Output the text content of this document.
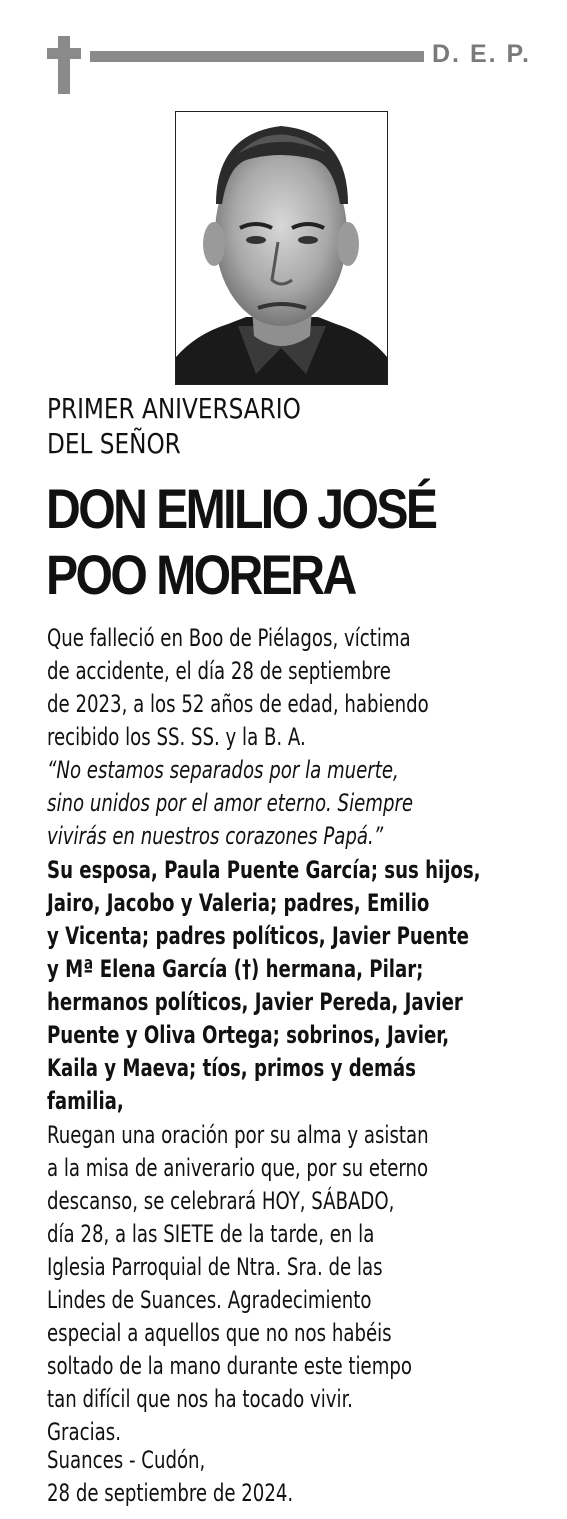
D. E. P.
PRIMER ANIVERSARIO
DEL SEÑOR
DON EMILIO JOSÉ
POO MORERA
Que falleció en Boo de Piélagos, víctima
de accidente, el día 28 de septiembre
de 2023, a los 52 años de edad, habiendo
recibido los SS. SS. y la B. A.
“No estamos separados por la muerte,
sino unidos por el amor eterno. Siempre
vivirás en nuestros corazones Papá.”
Su esposa, Paula Puente García; sus hijos,
Jairo, Jacobo y Valeria; padres, Emilio
y Vicenta; padres políticos, Javier Puente
y Mª Elena García (†) hermana, Pilar;
hermanos políticos, Javier Pereda, Javier
Puente y Oliva Ortega; sobrinos, Javier,
Kaila y Maeva; tíos, primos y demás
familia,
Ruegan una oración por su alma y asistan
a la misa de aniverario que, por su eterno
descanso, se celebrará HOY, SÁBADO,
día 28, a las SIETE de la tarde, en la
Iglesia Parroquial de Ntra. Sra. de las
Lindes de Suances. Agradecimiento
especial a aquellos que no nos habéis
soltado de la mano durante este tiempo
tan difícil que nos ha tocado vivir.
Gracias.
Suances - Cudón,
28 de septiembre de 2024.
